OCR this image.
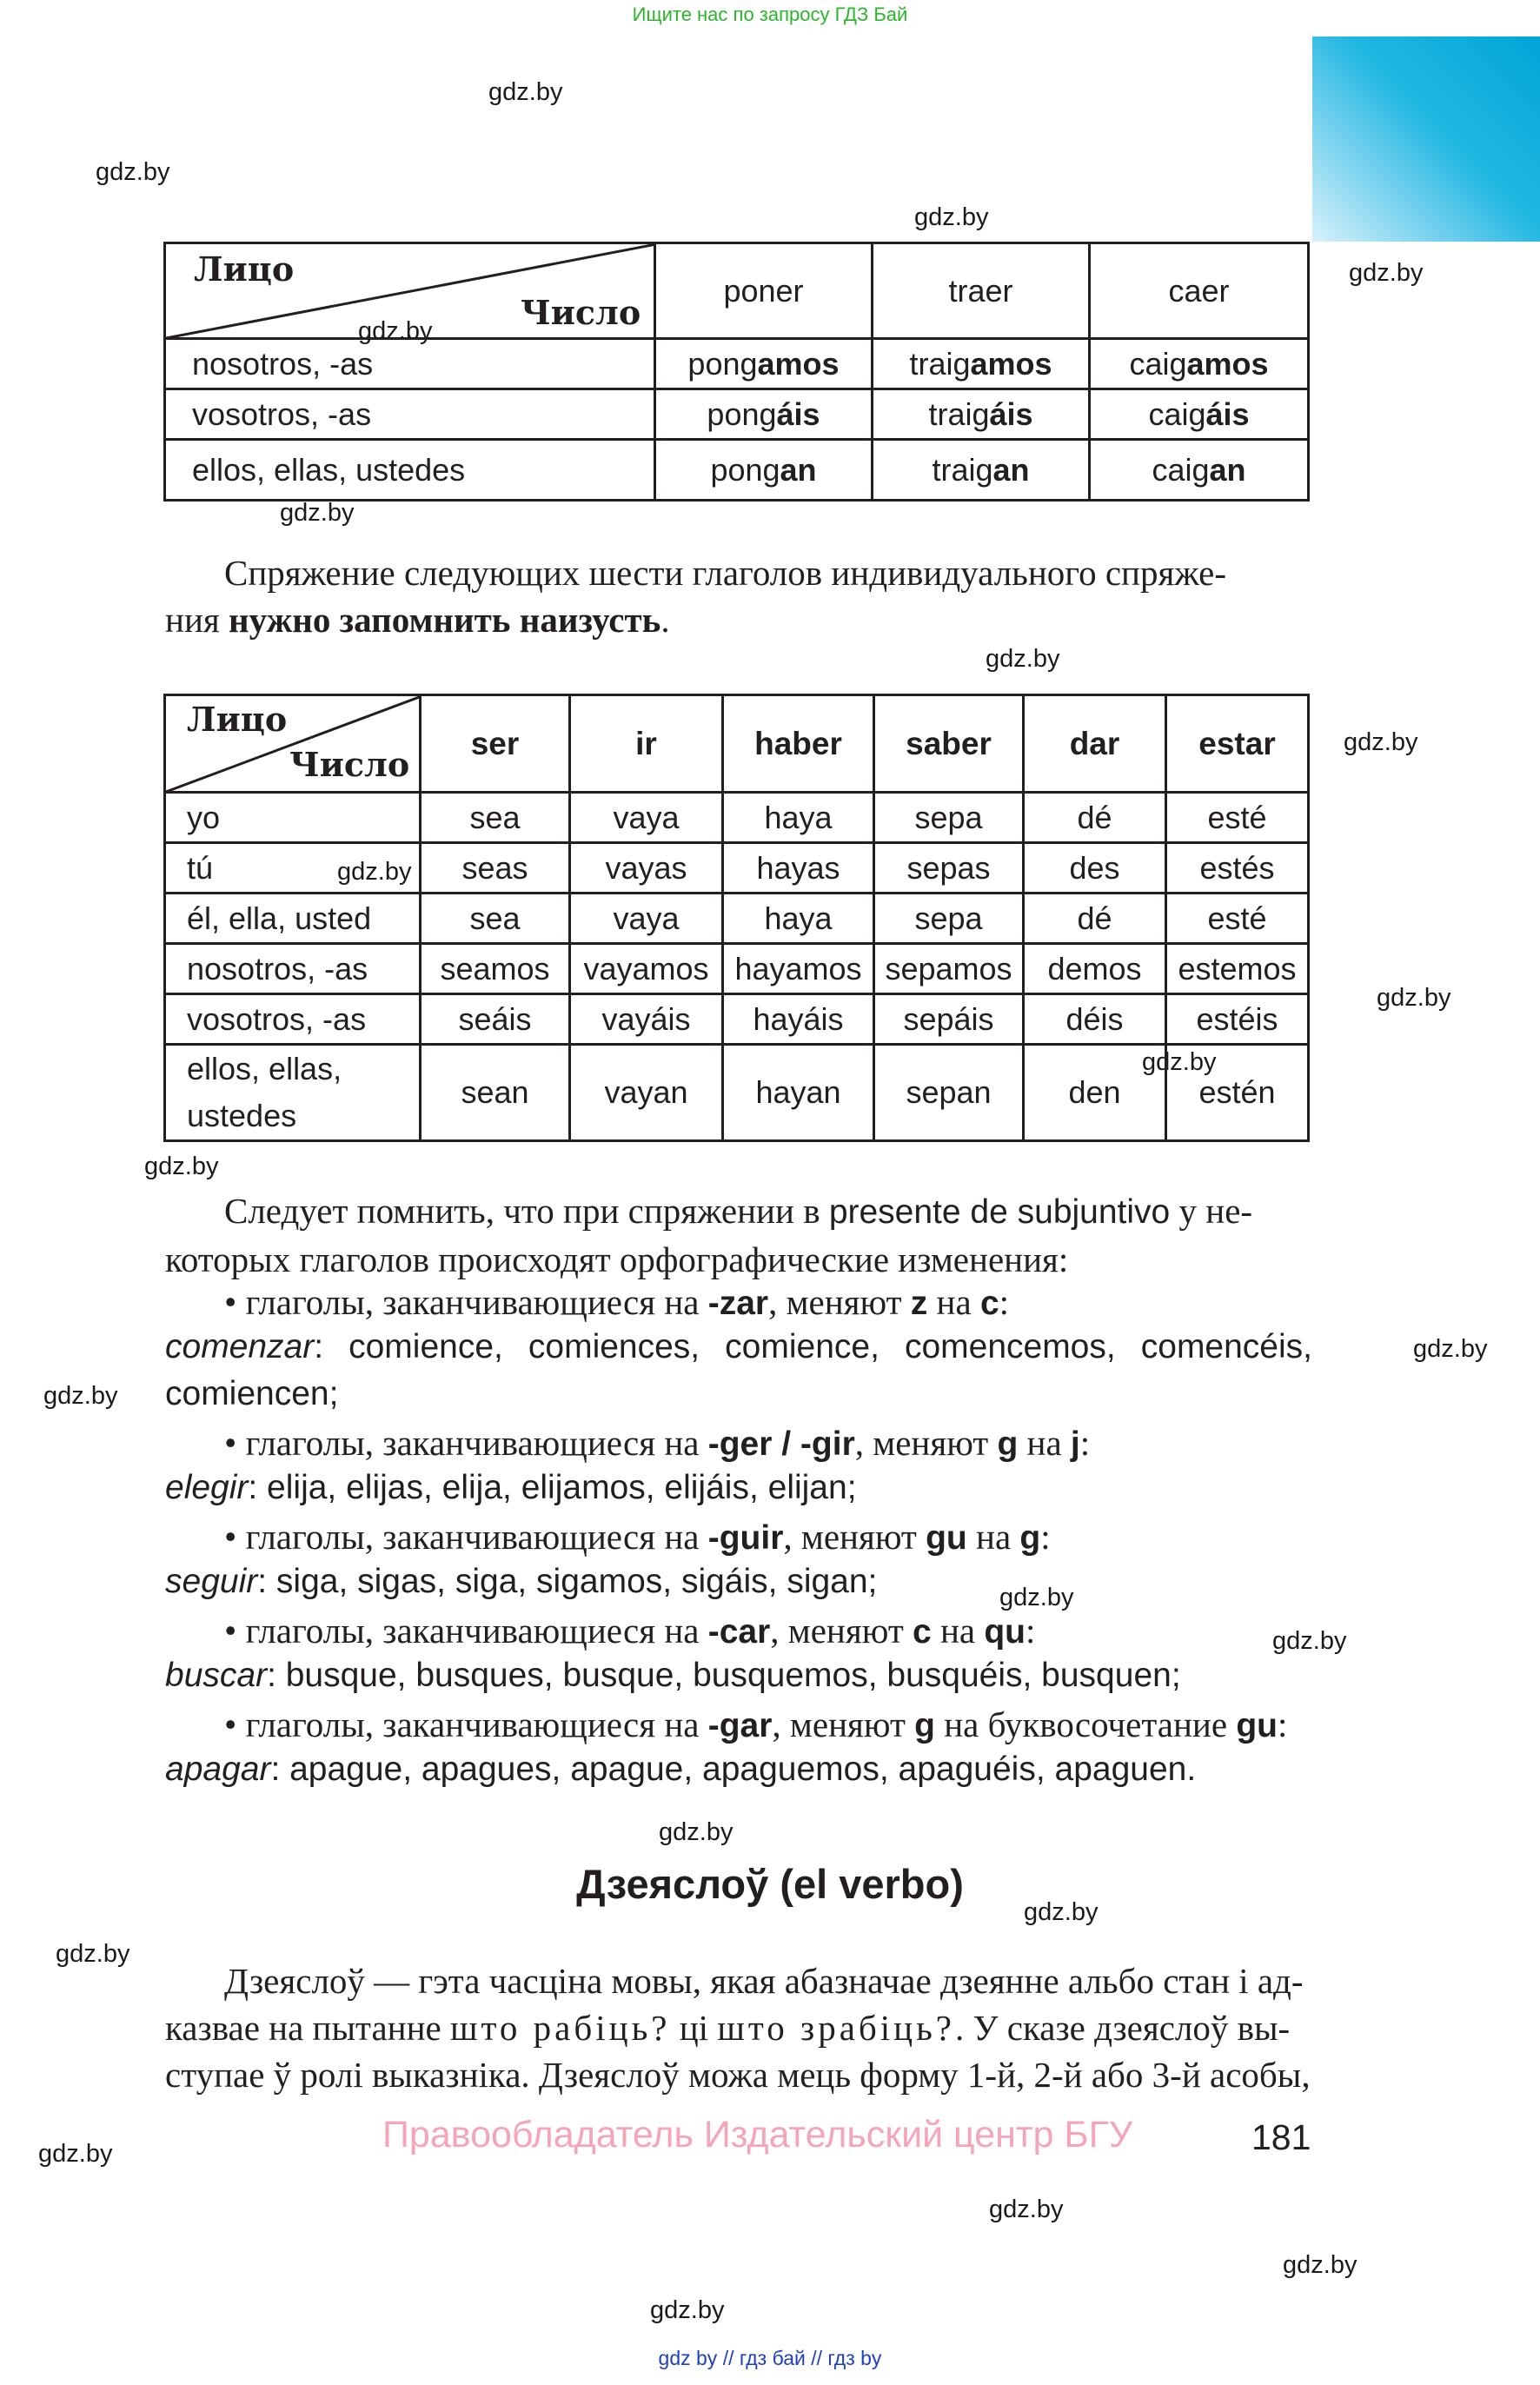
Ищите нас по запросу ГДЗ Бай
gdz.by
gdz.by
gdz.by
gdz.by
gdz.by
gdz.by
gdz.by
gdz.by
gdz.by
gdz.by
gdz.by
gdz.by
gdz.by
gdz.by
gdz.by
gdz.by
gdz.by
gdz.by
gdz.by
gdz.by
gdz.by
gdz.by
gdz.by
Лицо
Число	poner	traer	caer
nosotros, -as	pongamos	traigamos	caigamos
vosotros, -as	pongáis	traigáis	caigáis
ellos, ellas, ustedes	pongan	traigan	caigan
Спряжение следующих шести глаголов индивидуального спряже-
ния нужно запомнить наизусть.
Лицо
Число	ser	ir	haber	saber	dar	estar
yo	sea	vaya	haya	sepa	dé	esté
tú	seas	vayas	hayas	sepas	des	estés
él, ella, usted	sea	vaya	haya	sepa	dé	esté
nosotros, -as	seamos	vayamos	hayamos	sepamos	demos	estemos
vosotros, -as	seáis	vayáis	hayáis	sepáis	déis	estéis

ellos, ellas,
ustedes	sean	vayan	hayan	sepan	den	estén
Следует помнить, что при спряжении в presente de subjuntivo у не-
которых глаголов происходят орфографические изменения:
• глаголы, заканчивающиеся на -zar, меняют z на c:
comenzar: comience, comiences, comience, comencemos, comencéis,
comiencen;
• глаголы, заканчивающиеся на -ger / -gir, меняют g на j:
elegir: elija, elijas, elija, elijamos, elijáis, elijan;
• глаголы, заканчивающиеся на -guir, меняют gu на g:
seguir: siga, sigas, siga, sigamos, sigáis, sigan;
• глаголы, заканчивающиеся на -car, меняют c на qu:
buscar: busque, busques, busque, busquemos, busquéis, busquen;
• глаголы, заканчивающиеся на -gar, меняют g на буквосочетание gu:
apagar: apague, apagues, apague, apaguemos, apaguéis, apaguen.
Дзеяслоў (el verbo)
Дзеяслоў — гэта часціна мовы, якая абазначае дзеянне альбо стан і ад-
казвае на пытанне што рабіць? ці што зрабіць?. У сказе дзеяслоў вы-
ступае ў ролі выказніка. Дзеяслоў можа мець форму 1-й, 2-й або 3-й асобы,
Правообладатель Издательский центр БГУ	181
gdz by // гдз бай // гдз by
